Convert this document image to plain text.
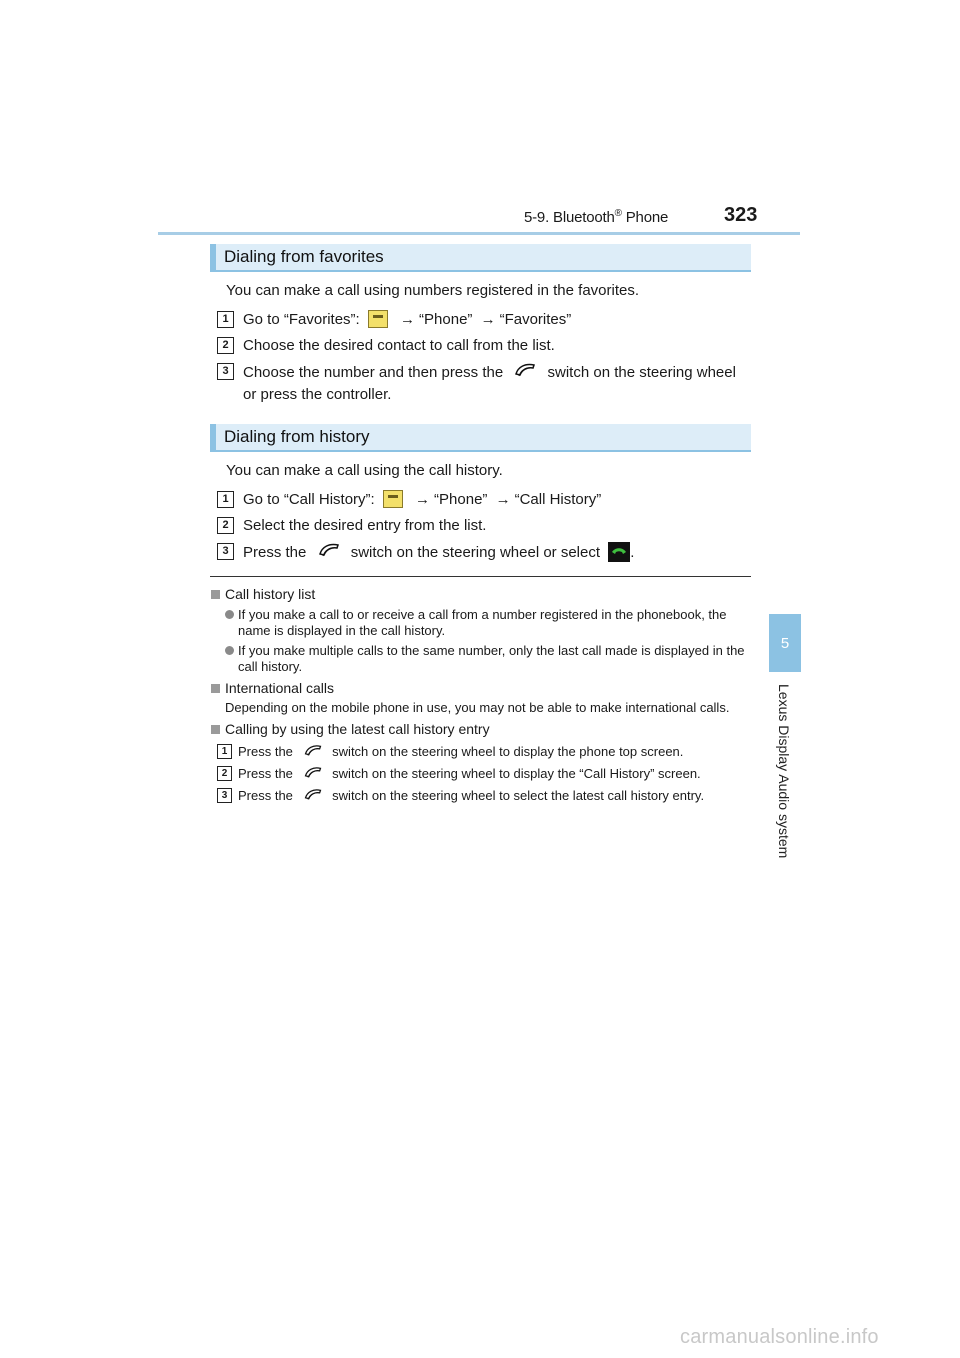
5-9. Bluetooth® Phone	323
5
Lexus Display Audio system
Dialing from favorites
You can make a call using numbers registered in the favorites.
1 Go to “Favorites”:	→ “Phone” → “Favorites”
2 Choose the desired contact to call from the list.
3 Choose the number and then press the	switch on the steering wheel or press the controller.
Dialing from history
You can make a call using the call history.
1 Go to “Call History”:	→ “Phone” → “Call History”
2 Select the desired entry from the list.
3 Press the	switch on the steering wheel or select .
Call history list
If you make a call to or receive a call from a number registered in the phonebook, the name is displayed in the call history.
If you make multiple calls to the same number, only the last call made is displayed in the call history.
International calls
Depending on the mobile phone in use, you may not be able to make international calls.
Calling by using the latest call history entry
1 Press the	switch on the steering wheel to display the phone top screen.
2 Press the	switch on the steering wheel to display the “Call History” screen.
3 Press the	switch on the steering wheel to select the latest call history entry.
carmanualsonline.info
